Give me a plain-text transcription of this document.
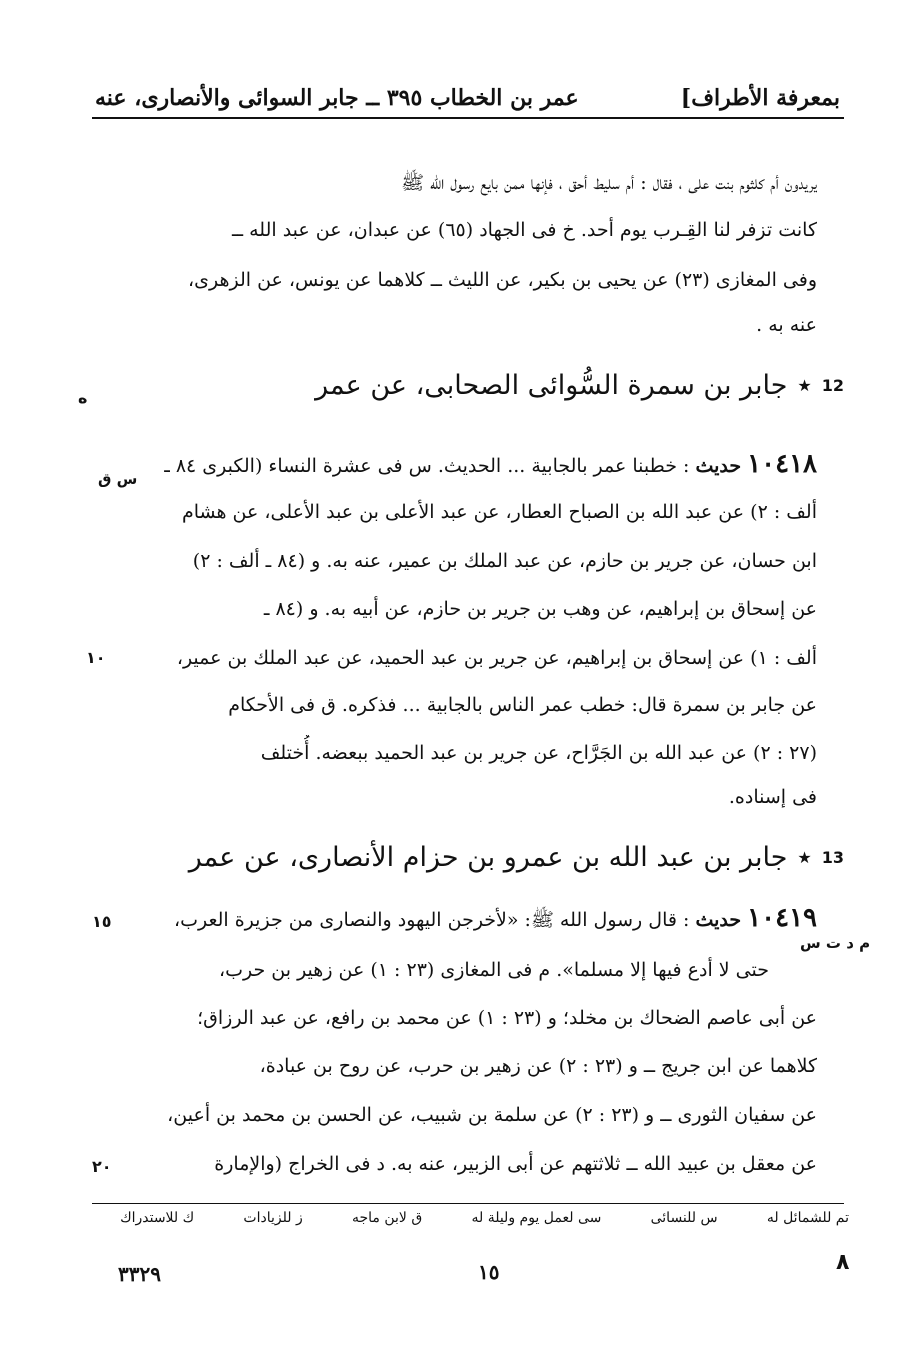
عمر بن الخطاب ٣٩٥ ــ جابر السوائى والأنصارى، عنه	بمعرفة الأطراف]
يريدون أم كلثوم بنت على ، فقال : أم سليط أحق ، فإنها ممن بايع رسول الله ﷺ
كانت تزفر لنا القِـرب يوم أحد. خ فى الجهاد (٦٥) عن عبدان، عن عبد الله ــ
وفى المغازى (٢٣) عن يحيى بن بكير، عن الليث ــ كلاهما عن يونس، عن الزهرى،
عنه به .
جابر بن سمرة السُّوائى الصحابى، عن عمر ★ 12
ه
١٠٤١٨ حديث : خطبنا عمر بالجابية ... الحديث. س فى عشرة النساء (الكبرى ٨٤ ـ
س ق
ألف : ٢) عن عبد الله بن الصباح العطار، عن عبد الأعلى بن عبد الأعلى، عن هشام
ابن حسان، عن جرير بن حازم، عن عبد الملك بن عمير، عنه به. و (٨٤ ـ ألف : ٢)
عن إسحاق بن إبراهيم، عن وهب بن جرير بن حازم، عن أبيه به. و (٨٤ ـ
ألف : ١) عن إسحاق بن إبراهيم، عن جرير بن عبد الحميد، عن عبد الملك بن عمير،
١٠
عن جابر بن سمرة قال: خطب عمر الناس بالجابية ... فذكره. ق فى الأحكام
(٢٧ : ٢) عن عبد الله بن الجَرَّاح، عن جرير بن عبد الحميد ببعضه. أُختلف
فى إسناده.
جابر بن عبد الله بن عمرو بن حزام الأنصارى، عن عمر ★ 13
١٠٤١٩ حديث : قال رسول الله ﷺ: «لأخرجن اليهود والنصارى من جزيرة العرب،
١٥
م د ت س
حتى لا أدع فيها إلا مسلما». م فى المغازى (٢٣ : ١) عن زهير بن حرب،
عن أبى عاصم الضحاك بن مخلد؛ و (٢٣ : ١) عن محمد بن رافع، عن عبد الرزاق؛
كلاهما عن ابن جريج ــ و (٢٣ : ٢) عن زهير بن حرب، عن روح بن عبادة،
عن سفيان الثورى ــ و (٢٣ : ٢) عن سلمة بن شبيب، عن الحسن بن محمد بن أعين،
عن معقل بن عبيد الله ــ ثلاثتهم عن أبى الزبير، عنه به. د فى الخراج (والإمارة
٢٠
تم للشمائل له
س للنسائى
سى لعمل يوم وليلة له
ق لابن ماجه
ز للزيادات
ك للاستدراك
٣٣٢٩	١٥	٨
